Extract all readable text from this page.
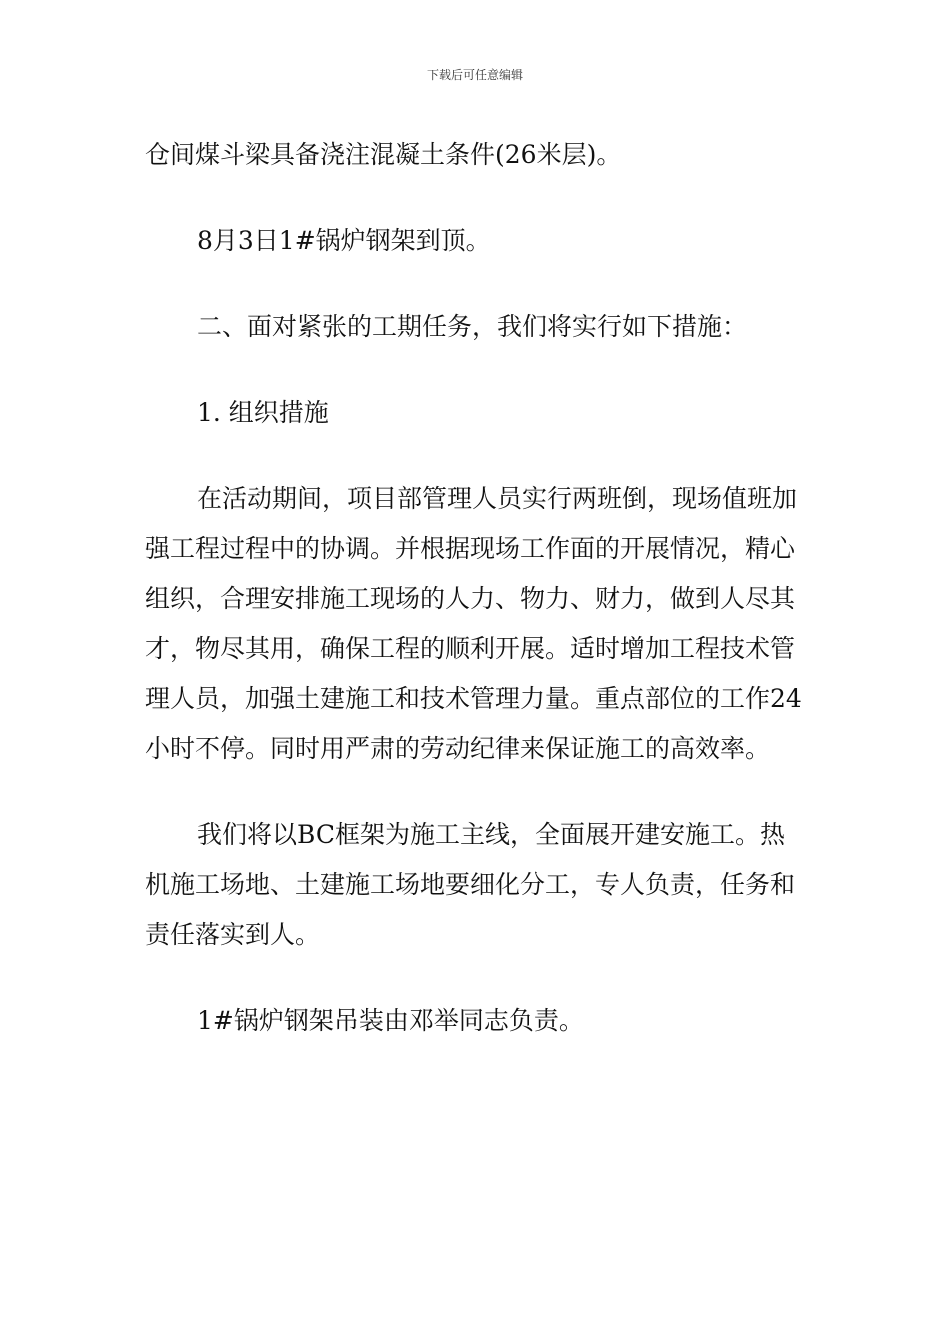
下载后可任意编辑

仓间煤斗梁具备浇注混凝土条件(26米层)。

8月3日1#锅炉钢架到顶。

二、面对紧张的工期任务，我们将实行如下措施：

1. 组织措施

在活动期间，项目部管理人员实行两班倒，现场值班加强工程过程中的协调。并根据现场工作面的开展情况，精心组织，合理安排施工现场的人力、物力、财力，做到人尽其才，物尽其用，确保工程的顺利开展。适时增加工程技术管理人员，加强土建施工和技术管理力量。重点部位的工作24小时不停。同时用严肃的劳动纪律来保证施工的高效率。

我们将以BC框架为施工主线，全面展开建安施工。热机施工场地、土建施工场地要细化分工，专人负责，任务和责任落实到人。

1#锅炉钢架吊装由邓举同志负责。
